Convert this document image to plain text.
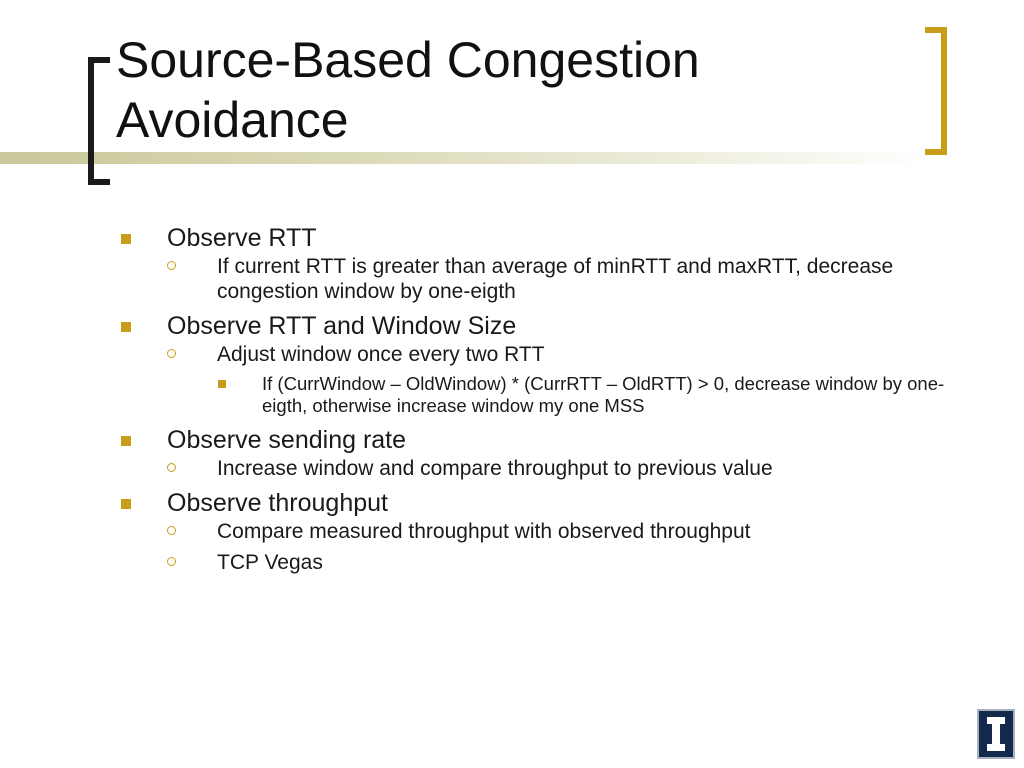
Source-Based Congestion Avoidance
Observe RTT
If current RTT is greater than average of minRTT and maxRTT, decrease congestion window by one-eigth
Observe RTT and Window Size
Adjust window once every two RTT
If (CurrWindow – OldWindow) * (CurrRTT – OldRTT) > 0, decrease window by one-eigth, otherwise increase window my one MSS
Observe sending rate
Increase window and compare throughput to previous value
Observe throughput
Compare measured throughput with observed throughput
TCP Vegas
